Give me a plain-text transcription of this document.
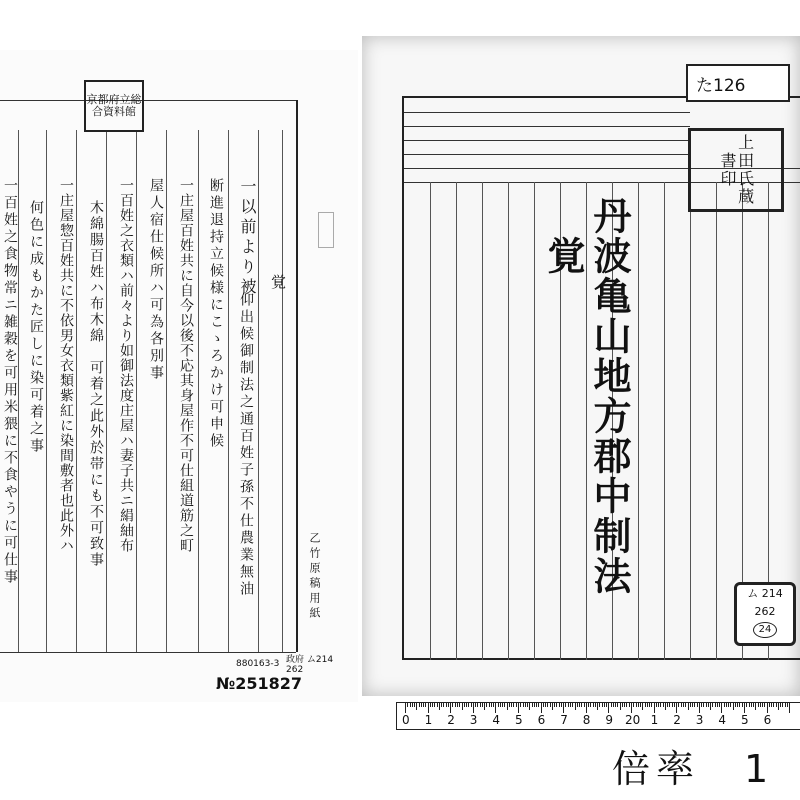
京都府立総合資料館
覚
一以前より被
仰出候御制法之通百姓子孫不仕農業無油
断進退持立候様にこゝろかけ可申候
一庄屋百姓共に自今以後不応其身屋作不可仕組道筋之町
屋人宿仕候所ハ可為各別事
一百姓之衣類ハ前々より如御法度庄屋ハ妻子共ニ絹紬布
木綿腸百姓ハ布木綿　可着之此外於帯にも不可致事
一庄屋惣百姓共に不依男女衣類紫紅に染間敷者也此外ハ
何色に成もかた匠しに染可着之事
一百姓之食物常ニ雑穀を可用米猥に不食やうに可仕事	乙竹原稿用紙
880163-3 政府 ム214 262
№251827
た126
上田氏蔵書印
丹波亀山地方郡中制法
覚
ム 214
262
24
0 1 2 3 4 5 6 7 8 9 20 1 2 3 4 5 6
倍率　1
